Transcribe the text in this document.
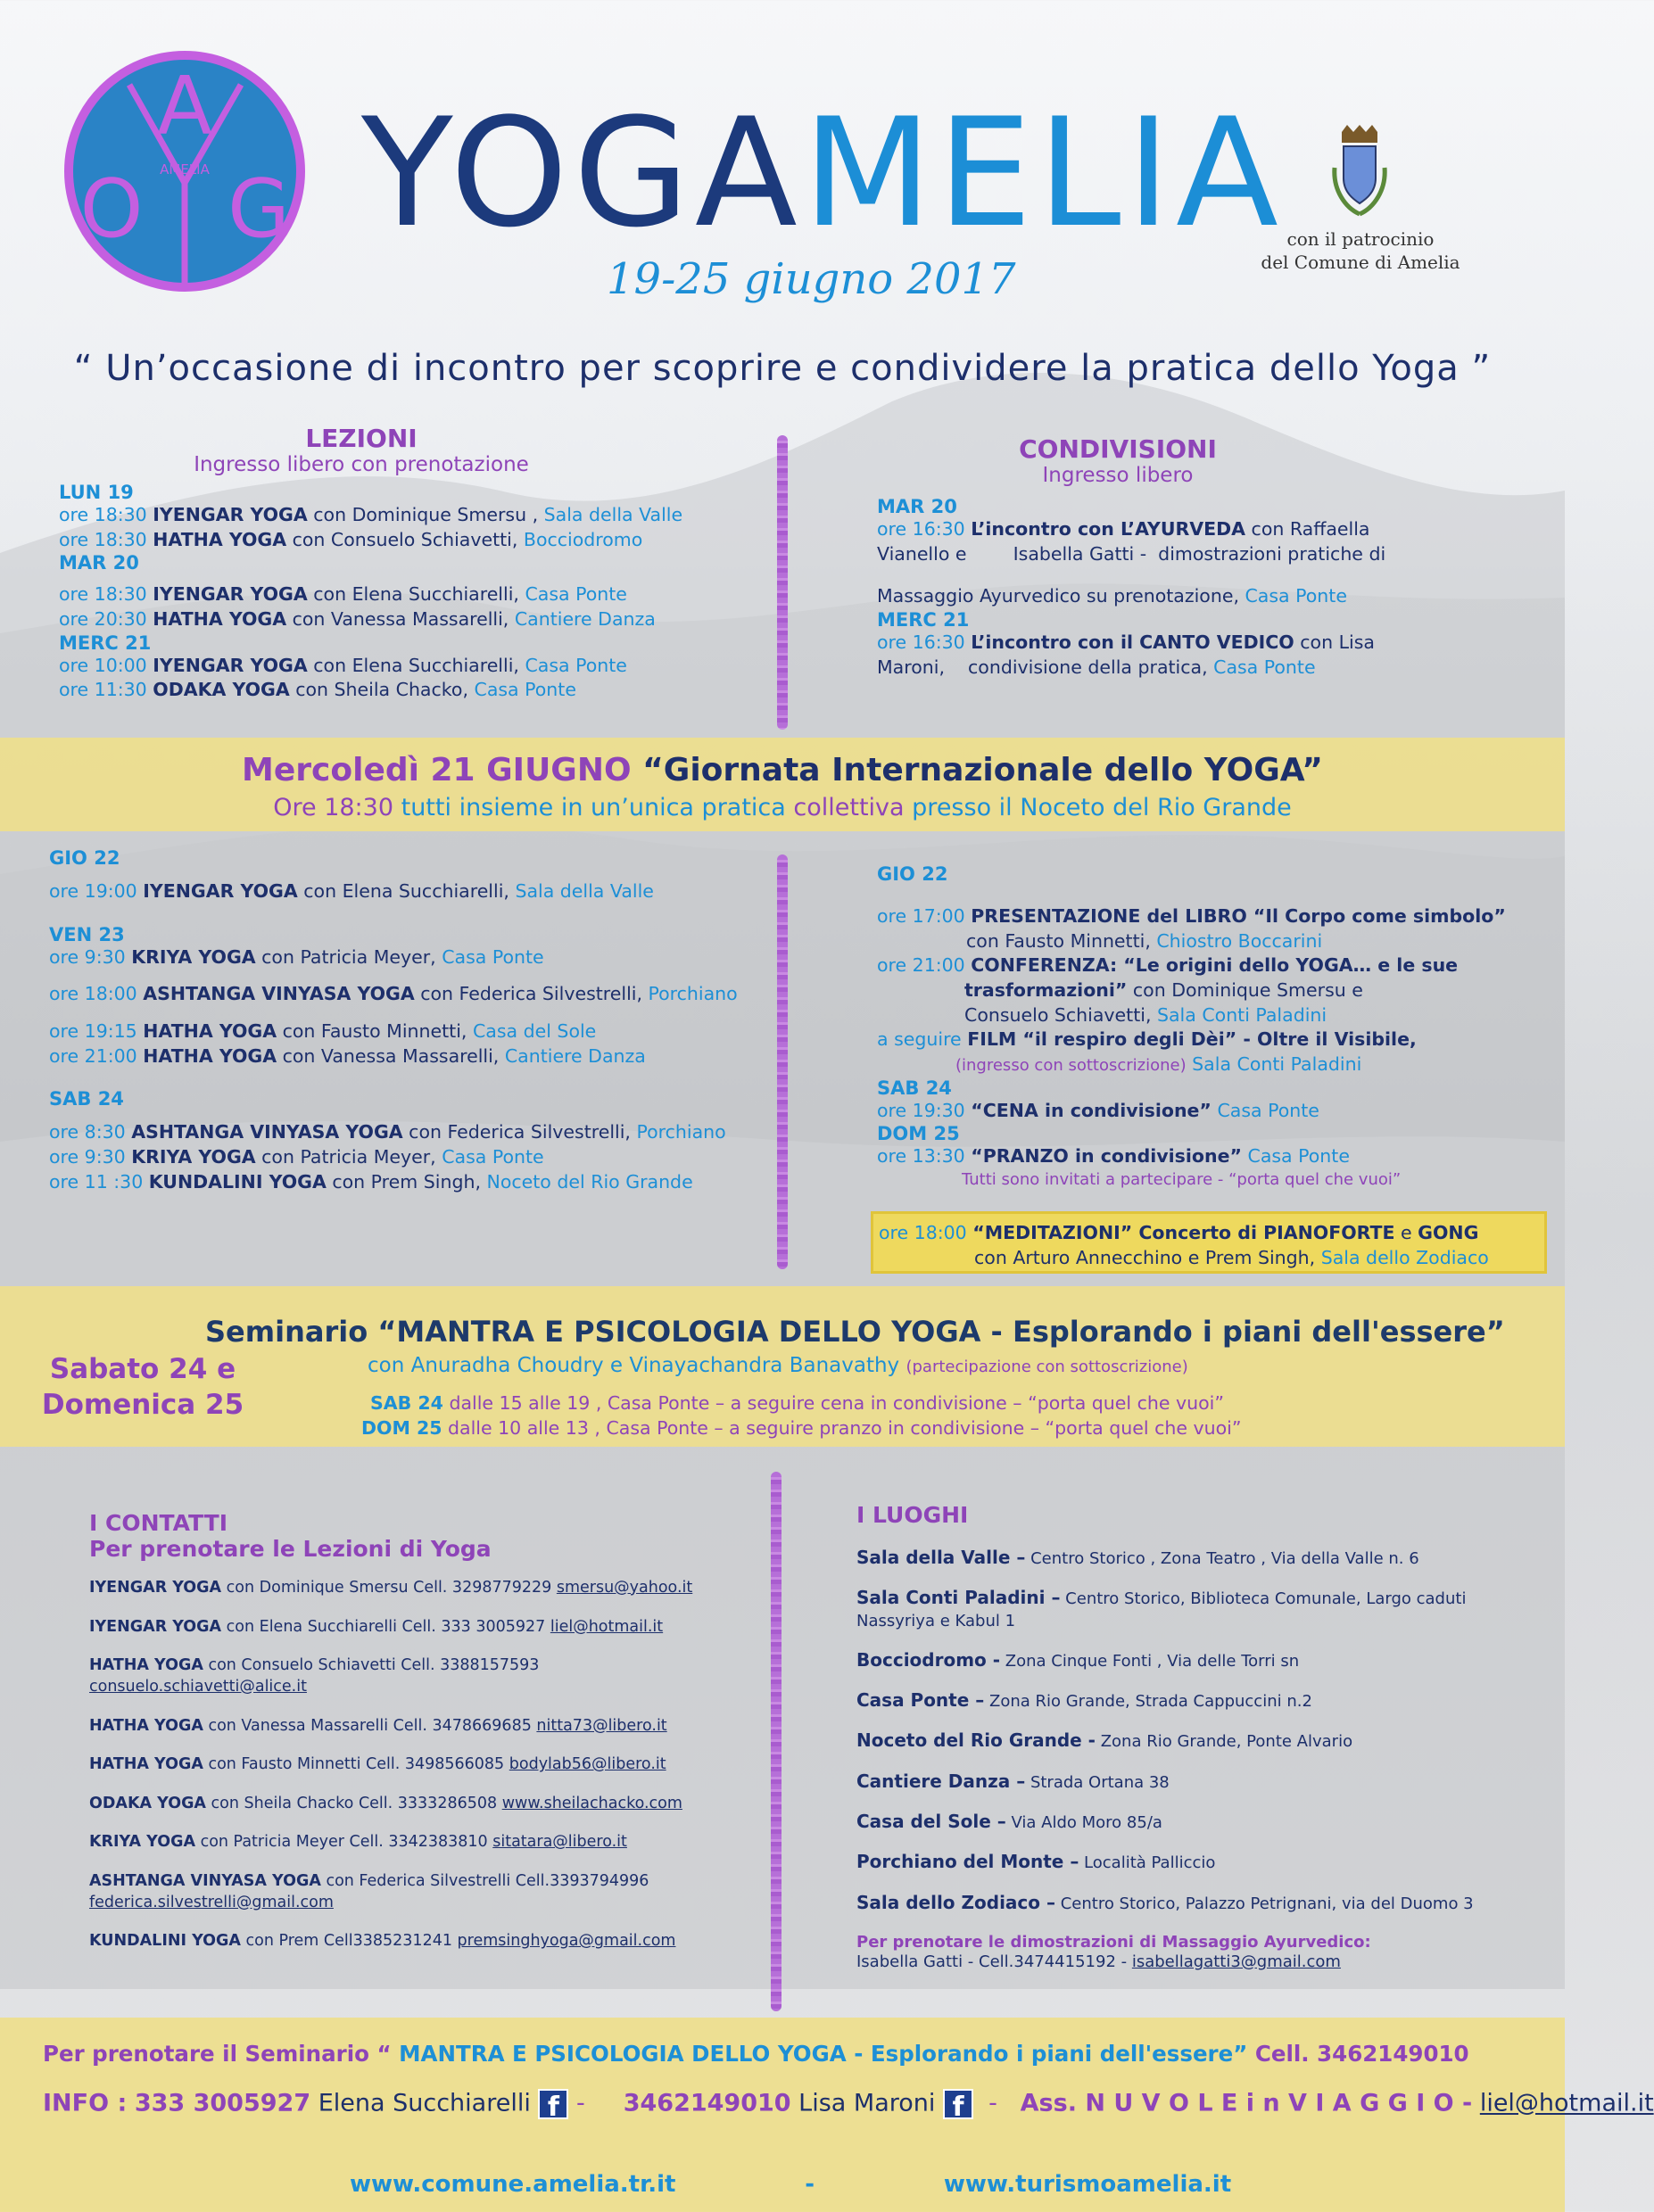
A
O G
AMELIA YOGAMELIA
19-25 giugno 2017
con il patrocinio
del Comune di Amelia
“ Un’occasione di incontro per scoprire e condividere la pratica dello Yoga ”
LEZIONI
Ingresso libero con prenotazione
LUN 19
ore 18:30 IYENGAR YOGA con Dominique Smersu , Sala della Valle
ore 18:30 HATHA YOGA con Consuelo Schiavetti, Bocciodromo
MAR 20
ore 18:30 IYENGAR YOGA con Elena Succhiarelli, Casa Ponte
ore 20:30 HATHA YOGA con Vanessa Massarelli, Cantiere Danza
MERC 21
ore 10:00 IYENGAR YOGA con Elena Succhiarelli, Casa Ponte
ore 11:30 ODAKA YOGA con Sheila Chacko, Casa Ponte
CONDIVISIONI
Ingresso libero
MAR 20
ore 16:30 L’incontro con L’AYURVEDA con Raffaella
Vianello e        Isabella Gatti -  dimostrazioni pratiche di
Massaggio Ayurvedico su prenotazione, Casa Ponte
MERC 21
ore 16:30 L’incontro con il CANTO VEDICO con Lisa
Maroni,    condivisione della pratica, Casa Ponte
Mercoledì 21 GIUGNO “Giornata Internazionale dello YOGA”
Ore 18:30 tutti insieme in un’unica pratica collettiva presso il Noceto del Rio Grande
GIO 22
ore 19:00 IYENGAR YOGA con Elena Succhiarelli, Sala della Valle
VEN 23
ore 9:30 KRIYA YOGA con Patricia Meyer, Casa Ponte
ore 18:00 ASHTANGA VINYASA YOGA con Federica Silvestrelli, Porchiano
ore 19:15 HATHA YOGA con Fausto Minnetti, Casa del Sole
ore 21:00 HATHA YOGA con Vanessa Massarelli, Cantiere Danza
SAB 24
ore 8:30 ASHTANGA VINYASA YOGA con Federica Silvestrelli, Porchiano
ore 9:30 KRIYA YOGA con Patricia Meyer, Casa Ponte
ore 11 :30 KUNDALINI YOGA con Prem Singh, Noceto del Rio Grande
GIO 22
ore 17:00 PRESENTAZIONE del LIBRO “Il Corpo come simbolo”
con Fausto Minnetti, Chiostro Boccarini
ore 21:00 CONFERENZA: “Le origini dello YOGA… e le sue
trasformazioni” con Dominique Smersu e
Consuelo Schiavetti, Sala Conti Paladini
a seguire FILM “il respiro degli Dèi” - Oltre il Visibile,
(ingresso con sottoscrizione) Sala Conti Paladini
SAB 24
ore 19:30 “CENA in condivisione” Casa Ponte
DOM 25
ore 13:30 “PRANZO in condivisione” Casa Ponte
Tutti sono invitati a partecipare - “porta quel che vuoi”
ore 18:00 “MEDITAZIONI” Concerto di PIANOFORTE e GONG
con Arturo Annecchino e Prem Singh, Sala dello Zodiaco
Sabato 24 e
Domenica 25
Seminario “MANTRA E PSICOLOGIA DELLO YOGA - Esplorando i piani dell'essere”
con Anuradha Choudry e Vinayachandra Banavathy (partecipazione con sottoscrizione)
SAB 24 dalle 15 alle 19 , Casa Ponte – a seguire cena in condivisione – “porta quel che vuoi”
DOM 25 dalle 10 alle 13 , Casa Ponte – a seguire pranzo in condivisione – “porta quel che vuoi”
I CONTATTI
Per prenotare le Lezioni di Yoga
IYENGAR YOGA con Dominique Smersu Cell. 3298779229 smersu@yahoo.it
IYENGAR YOGA con Elena Succhiarelli Cell. 333 3005927 liel@hotmail.it
HATHA YOGA con Consuelo Schiavetti Cell. 3388157593
consuelo.schiavetti@alice.it
HATHA YOGA con Vanessa Massarelli Cell. 3478669685 nitta73@libero.it
HATHA YOGA con Fausto Minnetti Cell. 3498566085 bodylab56@libero.it
ODAKA YOGA con Sheila Chacko Cell. 3333286508 www.sheilachacko.com
KRIYA YOGA con Patricia Meyer Cell. 3342383810 sitatara@libero.it
ASHTANGA VINYASA YOGA con Federica Silvestrelli Cell.3393794996
federica.silvestrelli@gmail.com
KUNDALINI YOGA con Prem Cell3385231241 premsinghyoga@gmail.com
I LUOGHI
Sala della Valle – Centro Storico , Zona Teatro , Via della Valle n. 6
Sala Conti Paladini – Centro Storico, Biblioteca Comunale, Largo caduti Nassyriya e Kabul 1
Bocciodromo - Zona Cinque Fonti , Via delle Torri sn
Casa Ponte – Zona Rio Grande, Strada Cappuccini n.2
Noceto del Rio Grande - Zona Rio Grande, Ponte Alvario
Cantiere Danza – Strada Ortana 38
Casa del Sole – Via Aldo Moro 85/a
Porchiano del Monte – Località Palliccio
Sala dello Zodiaco – Centro Storico, Palazzo Petrignani, via del Duomo 3
Per prenotare le dimostrazioni di Massaggio Ayurvedico:
Isabella Gatti - Cell.3474415192 - isabellagatti3@gmail.com
Per prenotare il Seminario “ MANTRA E PSICOLOGIA DELLO YOGA - Esplorando i piani dell'essere” Cell. 3462149010
INFO : 333 3005927 Elena Succhiarelli f - 3462149010 Lisa Maroni f - Ass. N U V O L E i n V I A G G I O - liel@hotmail.it

www.comune.amelia.tr.it	-	www.turismoamelia.it
